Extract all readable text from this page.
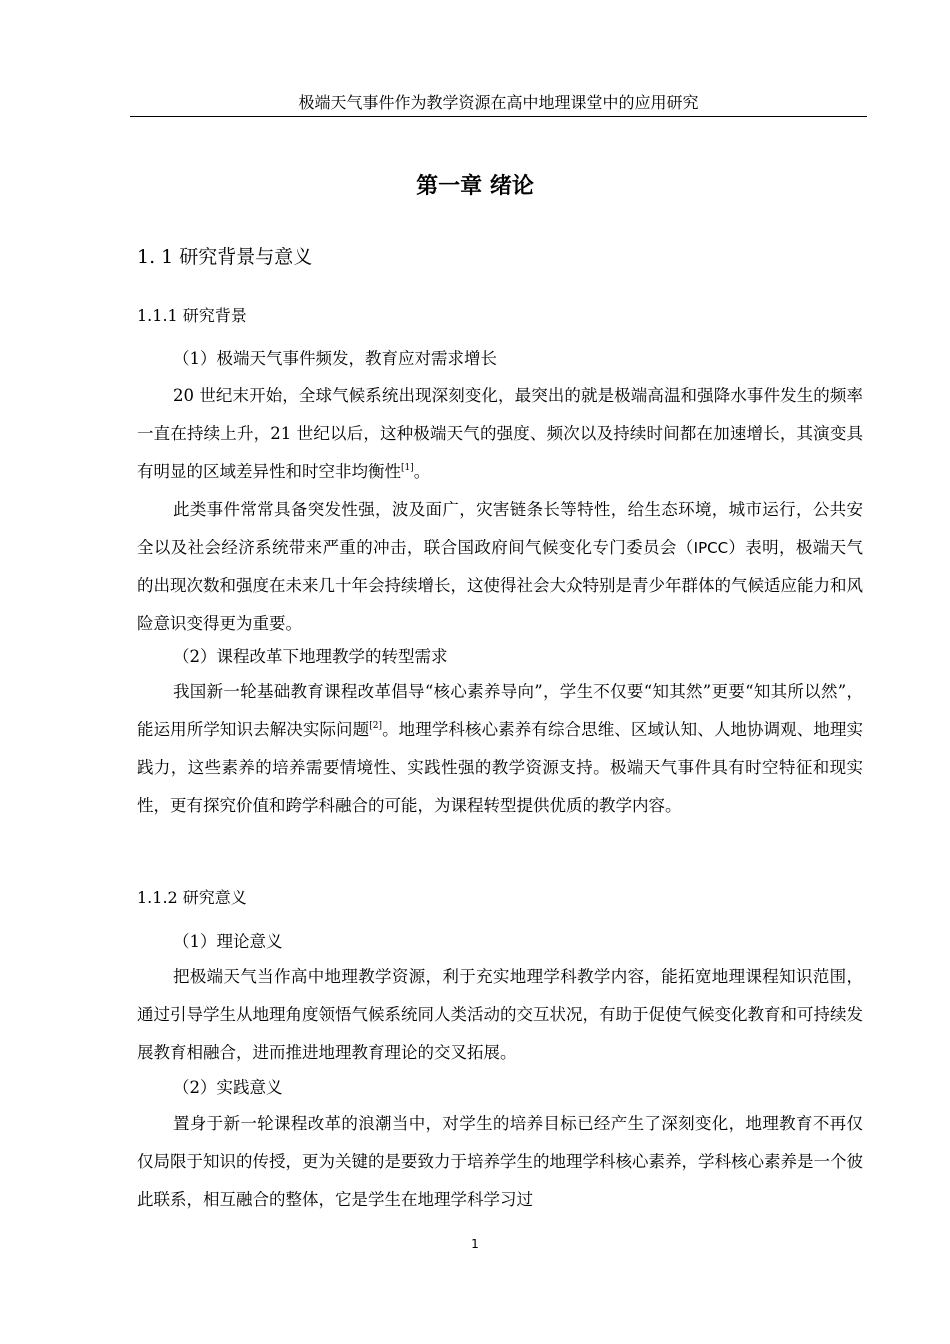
极端天气事件作为教学资源在高中地理课堂中的应用研究
第一章 绪论
1. 1 研究背景与意义
1.1.1 研究背景
（1）极端天气事件频发，教育应对需求增长

20 世纪末开始，全球气候系统出现深刻变化，最突出的就是极端高温和强降水事件发生的频率一直在持续上升，21 世纪以后，这种极端天气的强度、频次以及持续时间都在加速增长，其演变具有明显的区域差异性和时空非均衡性[1]。

此类事件常常具备突发性强，波及面广，灾害链条长等特性，给生态环境，城市运行，公共安全以及社会经济系统带来严重的冲击，联合国政府间气候变化专门委员会（IPCC）表明，极端天气的出现次数和强度在未来几十年会持续增长，这使得社会大众特别是青少年群体的气候适应能力和风险意识变得更为重要。

（2）课程改革下地理教学的转型需求

我国新一轮基础教育课程改革倡导“核心素养导向”，学生不仅要“知其然”更要“知其所以然”，能运用所学知识去解决实际问题[2]。地理学科核心素养有综合思维、区域认知、人地协调观、地理实践力，这些素养的培养需要情境性、实践性强的教学资源支持。极端天气事件具有时空特征和现实性，更有探究价值和跨学科融合的可能，为课程转型提供优质的教学内容。

1.1.2 研究意义
（1）理论意义

把极端天气当作高中地理教学资源，利于充实地理学科教学内容，能拓宽地理课程知识范围，通过引导学生从地理角度领悟气候系统同人类活动的交互状况，有助于促使气候变化教育和可持续发展教育相融合，进而推进地理教育理论的交叉拓展。

（2）实践意义

置身于新一轮课程改革的浪潮当中，对学生的培养目标已经产生了深刻变化，地理教育不再仅仅局限于知识的传授，更为关键的是要致力于培养学生的地理学科核心素养，学科核心素养是一个彼此联系，相互融合的整体，它是学生在地理学科学习过

1
